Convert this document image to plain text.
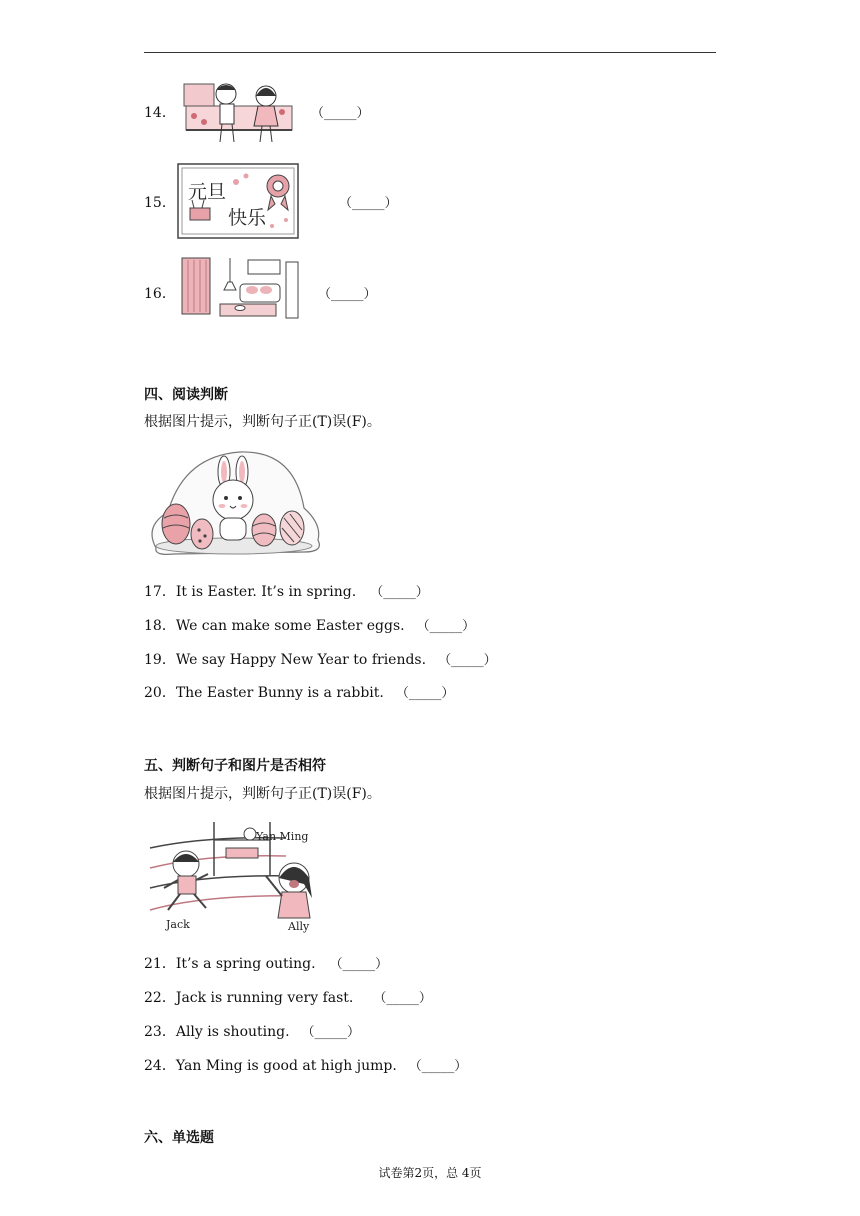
14．	（_____）
15． 元旦
快乐
（_____）
16．	（_____）
四、阅读判断
根据图片提示，判断句子正(T)误(F)。
17．It is Easter. It’s in spring. （_____）
18．We can make some Easter eggs. （_____）
19．We say Happy New Year to friends. （_____）
20．The Easter Bunny is a rabbit. （_____）
五、判断句子和图片是否相符
根据图片提示，判断句子正(T)误(F)。
Yan Ming
Jack	Ally
21．It’s a spring outing. （_____）
22．Jack is running very fast. （_____）
23．Ally is shouting. （_____）
24．Yan Ming is good at high jump. （_____）
六、单选题
试卷第2页，总 4页
